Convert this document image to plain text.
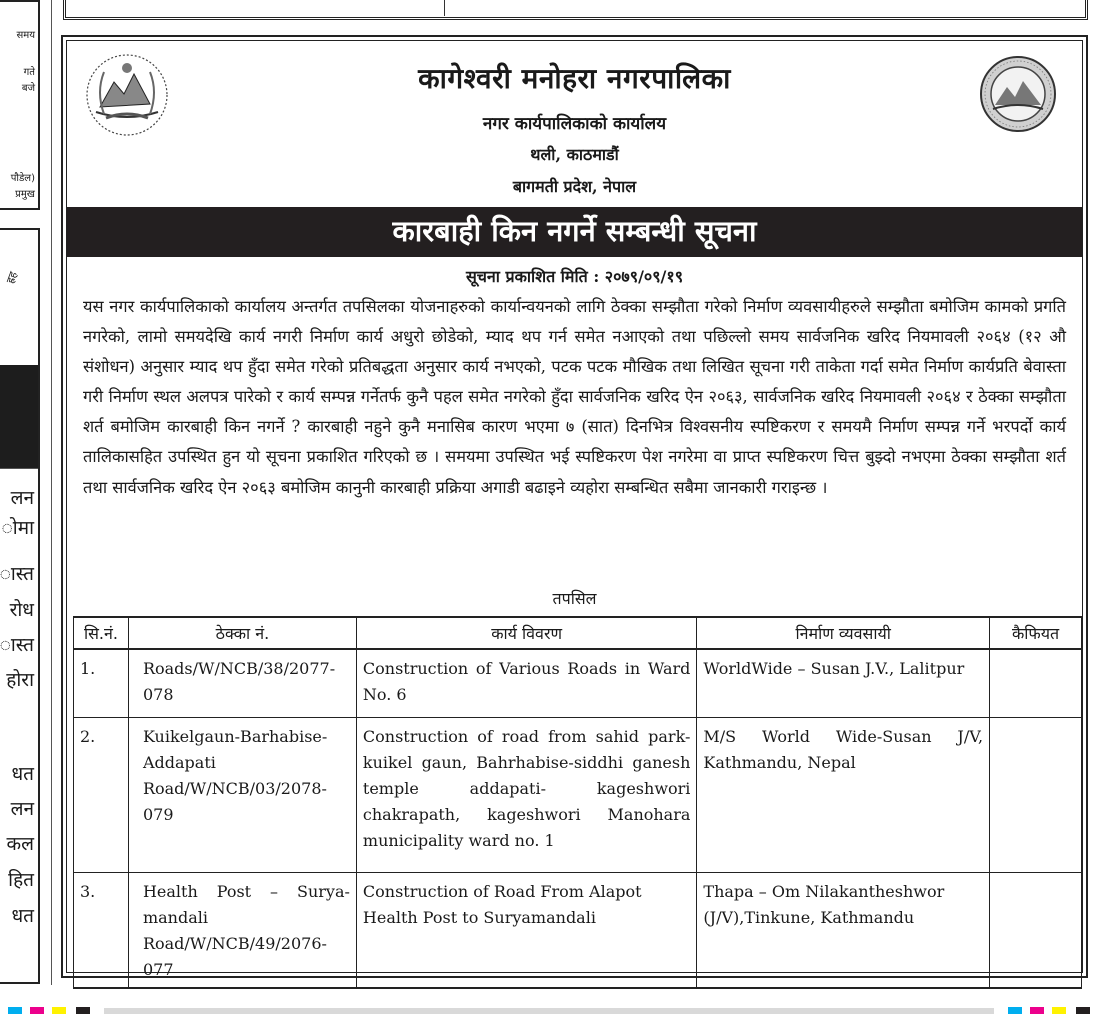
समय
गते
बजे
पौडेल)
प्रमुख
ह्रह
लन
ोमा
ास्त
रोध
ास्त
होरा
धत
लन
कल
हित
धत
कागेश्वरी मनोहरा नगरपालिका
नगर कार्यपालिकाको कार्यालय
थली, काठमाडौं
बागमती प्रदेश, नेपाल
कारबाही किन नगर्ने सम्बन्धी सूचना
सूचना प्रकाशित मिति : २०७९/०९/१९

यस नगर कार्यपालिकाको कार्यालय अन्तर्गत तपसिलका योजनाहरुको कार्यान्वयनको लागि ठेक्का सम्झौता गरेको निर्माण व्यवसायीहरुले सम्झौता बमोजिम कामको प्रगति नगरेको, लामो समयदेखि कार्य नगरी निर्माण कार्य अधुरो छोडेको, म्याद थप गर्न समेत नआएको तथा पछिल्लो समय सार्वजनिक खरिद नियमावली २०६४ (१२ औ संशोधन) अनुसार म्याद थप हुँदा समेत गरेको प्रतिबद्धता अनुसार कार्य नभएको, पटक पटक मौखिक तथा लिखित सूचना गरी ताकेता गर्दा समेत निर्माण कार्यप्रति बेवास्ता गरी निर्माण स्थल अलपत्र पारेको र कार्य सम्पन्न गर्नेतर्फ कुनै पहल समेत नगरेको हुँदा सार्वजनिक खरिद ऐन २०६३, सार्वजनिक खरिद नियमावली २०६४ र ठेक्का सम्झौता शर्त बमोजिम कारबाही किन नगर्ने ? कारबाही नहुने कुनै मनासिब कारण भएमा ७ (सात) दिनभित्र विश्वसनीय स्पष्टिकरण र समयमै निर्माण सम्पन्न गर्ने भरपर्दो कार्य तालिकासहित उपस्थित हुन यो सूचना प्रकाशित गरिएको छ । समयमा उपस्थित भई स्पष्टिकरण पेश नगरेमा वा प्राप्त स्पष्टिकरण चित्त बुझ्दो नभएमा ठेक्का सम्झौता शर्त तथा सार्वजनिक खरिद ऐन २०६३ बमोजिम कानुनी कारबाही प्रक्रिया अगाडी बढाइने व्यहोरा सम्बन्धित सबैमा जानकारी गराइन्छ ।

तपसिल
सि.नं.	ठेक्का नं.	कार्य विवरण	निर्माण व्यवसायी	कैफियत
1.	Roads/W/NCB/38/2077-078	Construction of Various Roads in Ward No. 6	WorldWide – Susan J.V., Lalitpur	
2.	Kuikelgaun-Barhabise-Addapati Road/W/NCB/03/2078-079	Construction of road from sahid park-kuikel gaun, Bahrhabise-siddhi ganesh temple addapati- kageshwori chakrapath, kageshwori Manohara municipality ward no. 1	M/S World Wide-Susan J/V, Kathmandu, Nepal	
3.	Health Post – Surya-mandali Road/W/NCB/49/2076-077	Construction of Road From Alapot Health Post to Suryamandali	Thapa – Om Nilakantheshwor (J/V),Tinkune, Kathmandu	
